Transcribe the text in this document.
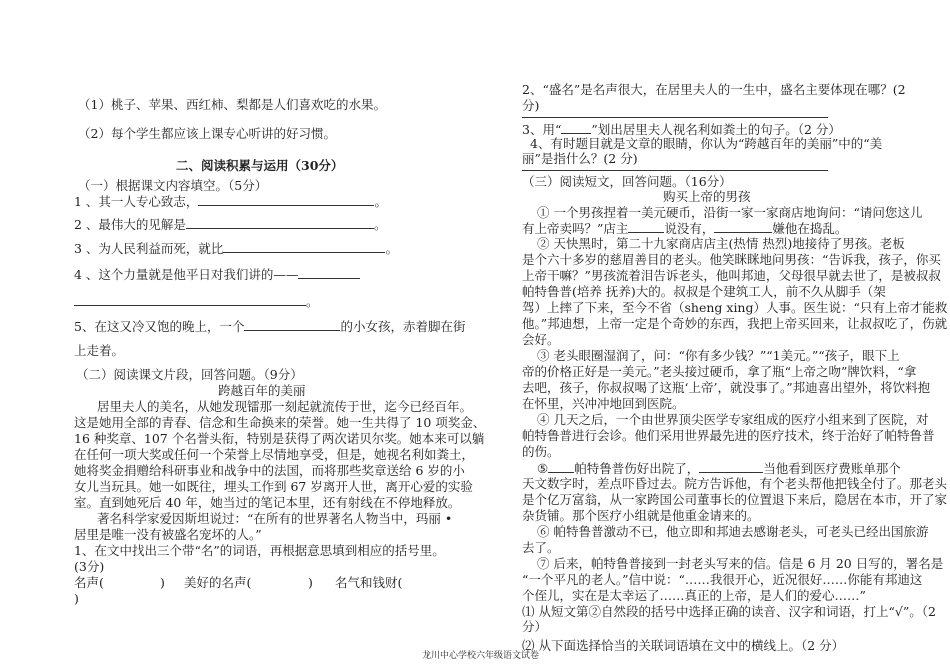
（1）桃子、苹果、西红柿、梨都是人们喜欢吃的水果。
（2）每个学生都应该上课专心听讲的好习惯。
二、阅读积累与运用（30分）
（一）根据课文内容填空。（5分）
1 、其一人专心致志，	。
2 、最伟大的见解是	。
3 、为人民利益而死，就比	。
4 、这个力量就是他平日对我们讲的——
。
5、在这又冷又饱的晚上，一个	的小女孩，赤着脚在街
上走着。
（二）阅读课文片段，回答问题。（9分）
跨越百年的美丽
居里夫人的美名，从她发现镭那一刻起就流传于世，迄今已经百年。
这是她用全部的青春、信念和生命换来的荣誉。她一生共得了 10 项奖金、
16 种奖章、107 个名誉头衔，特别是获得了两次诺贝尔奖。她本来可以躺
在任何一项大奖或任何一个荣誉上尽情地享受，但是，她视名利如粪土，
她将奖金捐赠给科研事业和战争中的法国，而将那些奖章送给 6 岁的小
女儿当玩具。她一如既往，埋头工作到 67 岁离开人世，离开心爱的实验
室。直到她死后 40 年，她当过的笔记本里，还有射线在不停地释放。
著名科学家爱因斯坦说过：“在所有的世界著名人物当中，玛丽 •
居里是唯一没有被盛名宠坏的人。”
1、在文中找出三个带“名”的词语，再根据意思填到相应的括号里。
(3分)
名声(	) 美好的名声(	) 名气和钱财(
)
2、“盛名”是名声很大，在居里夫人的一生中，盛名主要体现在哪？(2
分)
3、用“ ”划出居里夫人视名利如粪土的句子。（2 分）
4、有时题目就是文章的眼睛，你认为“跨越百年的美丽”中的“美
丽”是指什么？(2 分)
（三）阅读短文，回答问题。（16分）
购买上帝的男孩
① 一个男孩捏着一美元硬币，沿街一家一家商店地询问：“请问您这儿
有上帝卖吗？”店主	说没有，	嫌他在捣乱。
② 天快黑时，第二十九家商店店主(热情 热烈)地接待了男孩。老板
是个六十多岁的慈眉善目的老头。他笑眯眯地问男孩：“告诉我，孩子，你买
上帝干嘛？”男孩流着泪告诉老头，他叫邦迪，父母很早就去世了，是被叔叔
帕特鲁普(培养 抚养)大的。叔叔是个建筑工人，前不久从脚手（架
驾）上摔了下来，至今不省（sheng xing）人事。医生说：“只有上帝才能救
他。”邦迪想，上帝一定是个奇妙的东西，我把上帝买回来，让叔叔吃了，伤就
会好。
③ 老头眼圈湿润了，问：“你有多少钱？”“1美元。”“孩子，眼下上
帝的价格正好是一美元。”老头接过硬币，拿了瓶“上帝之吻”牌饮料，“拿
去吧，孩子，你叔叔喝了这瓶‘上帝’，就没事了。”邦迪喜出望外，将饮料抱
在怀里，兴冲冲地回到医院。
④ 几天之后，一个由世界顶尖医学专家组成的医疗小组来到了医院，对
帕特鲁普进行会诊。他们采用世界最先进的医疗技术，终于治好了帕特鲁普
的伤。
⑤ 帕特鲁普伤好出院了，	当他看到医疗费账单那个
天文数字时，差点吓昏过去。院方告诉他，有个老头帮他把钱全付了。那老头
是个亿万富翁，从一家跨国公司董事长的位置退下来后，隐居在本市，开了家
杂货铺。那个医疗小组就是他重金请来的。
⑥ 帕特鲁普激动不已，他立即和邦迪去感谢老头，可老头已经出国旅游
去了。
⑦ 后来，帕特鲁普接到一封老头写来的信。信是 6 月 20 日写的，署名是
“一个平凡的老人。”信中说：“……我很开心，近况很好……你能有邦迪这
个侄儿，实在是太幸运了……真正的上帝，是人们的爱心……”
⑴ 从短文第②自然段的括号中选择正确的读音、汉字和词语，打上“√”。（2
分）
⑵ 从下面选择恰当的关联词语填在文中的横线上。（2 分）
龙川中心学校六年级语文试卷
